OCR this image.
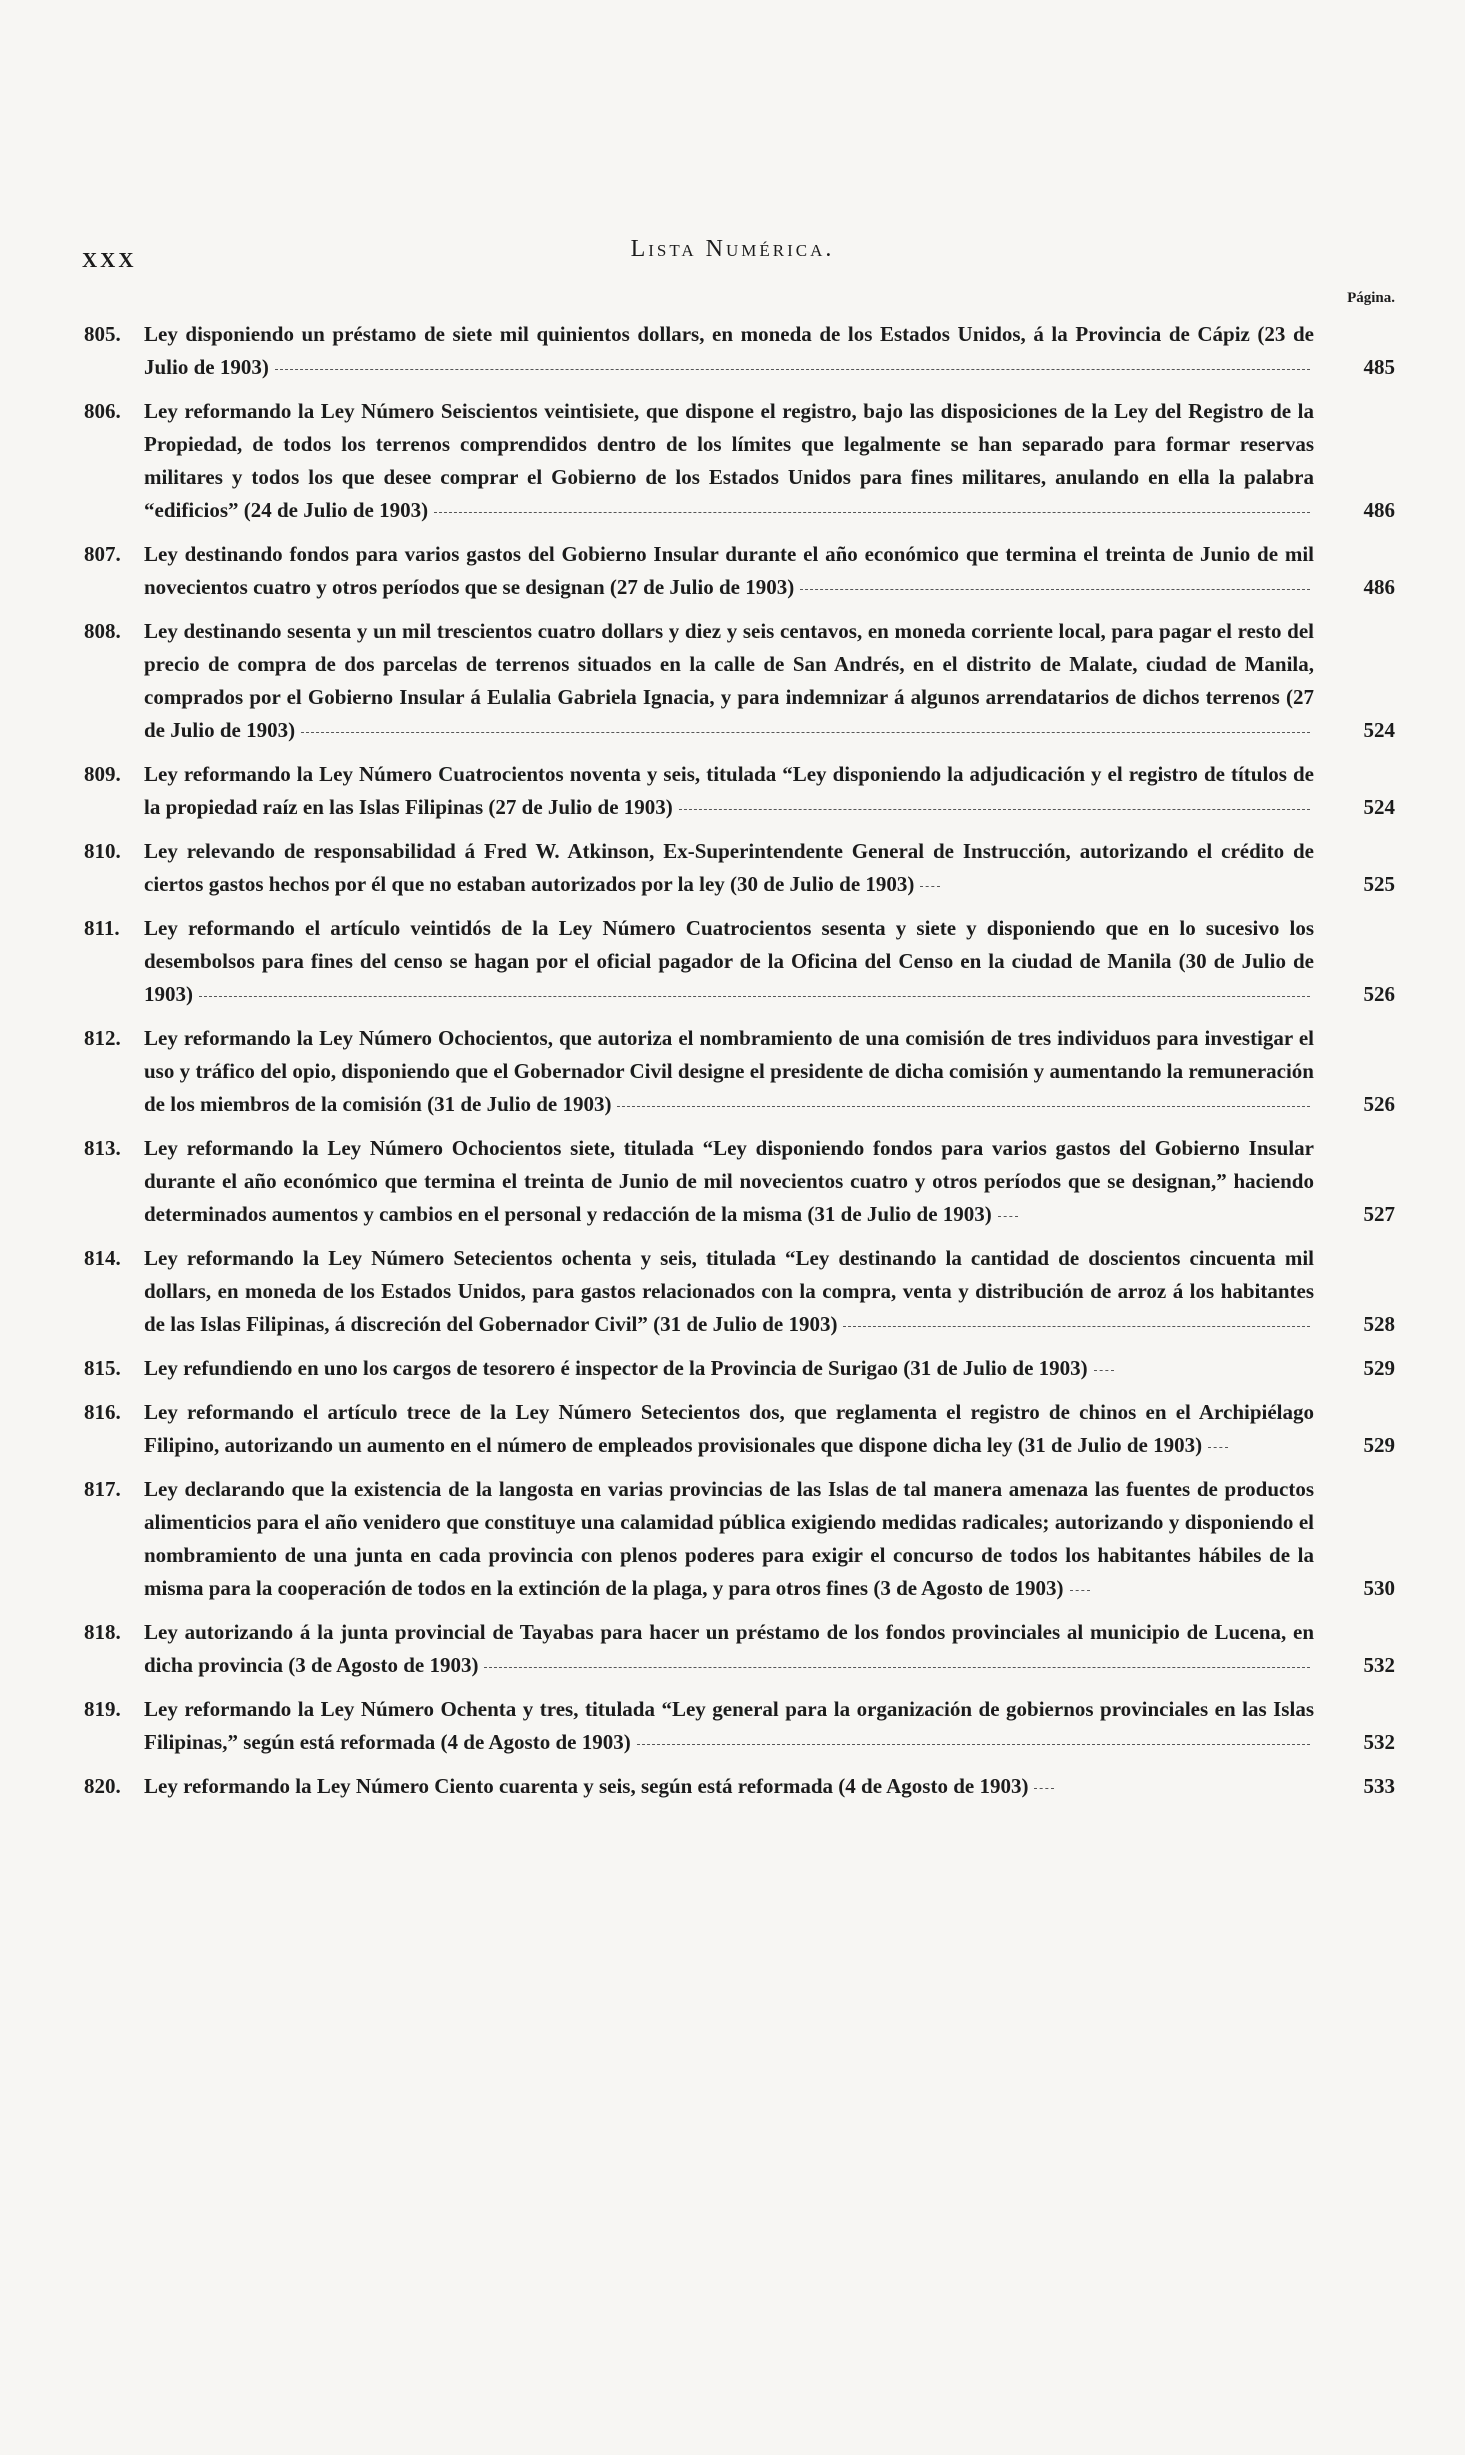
XXX	Lista Numérica.
Página.
805.	Ley disponiendo un préstamo de siete mil quinientos dollars, en moneda de los Estados Unidos, á la Provincia de Cápiz (23 de Julio de 1903)	485
806.	Ley reformando la Ley Número Seiscientos veintisiete, que dispone el registro, bajo las disposiciones de la Ley del Registro de la Propiedad, de todos los terrenos comprendidos dentro de los límites que legalmente se han separado para formar reservas militares y todos los que desee comprar el Gobierno de los Estados Unidos para fines militares, anulando en ella la palabra “edificios” (24 de Julio de 1903)	486
807.	Ley destinando fondos para varios gastos del Gobierno Insular durante el año económico que termina el treinta de Junio de mil novecientos cuatro y otros períodos que se designan (27 de Julio de 1903)	486
808.	Ley destinando sesenta y un mil trescientos cuatro dollars y diez y seis centavos, en moneda corriente local, para pagar el resto del precio de compra de dos parcelas de terrenos situados en la calle de San Andrés, en el distrito de Malate, ciudad de Manila, comprados por el Gobierno Insular á Eulalia Gabriela Ignacia, y para indemnizar á algunos arrendatarios de dichos terrenos (27 de Julio de 1903)	524
809.	Ley reformando la Ley Número Cuatrocientos noventa y seis, titulada “Ley disponiendo la adjudicación y el registro de títulos de la propiedad raíz en las Islas Filipinas (27 de Julio de 1903)	524
810.	Ley relevando de responsabilidad á Fred W. Atkinson, Ex-Superintendente General de Instrucción, autorizando el crédito de ciertos gastos hechos por él que no estaban autorizados por la ley (30 de Julio de 1903)	525
811.	Ley reformando el artículo veintidós de la Ley Número Cuatrocientos sesenta y siete y disponiendo que en lo sucesivo los desembolsos para fines del censo se hagan por el oficial pagador de la Oficina del Censo en la ciudad de Manila (30 de Julio de 1903)	526
812.	Ley reformando la Ley Número Ochocientos, que autoriza el nombramiento de una comisión de tres individuos para investigar el uso y tráfico del opio, disponiendo que el Gobernador Civil designe el presidente de dicha comisión y aumentando la remuneración de los miembros de la comisión (31 de Julio de 1903)	526
813.	Ley reformando la Ley Número Ochocientos siete, titulada “Ley disponiendo fondos para varios gastos del Gobierno Insular durante el año económico que termina el treinta de Junio de mil novecientos cuatro y otros períodos que se designan,” haciendo determinados aumentos y cambios en el personal y redacción de la misma (31 de Julio de 1903)	527
814.	Ley reformando la Ley Número Setecientos ochenta y seis, titulada “Ley destinando la cantidad de doscientos cincuenta mil dollars, en moneda de los Estados Unidos, para gastos relacionados con la compra, venta y distribución de arroz á los habitantes de las Islas Filipinas, á discreción del Gobernador Civil” (31 de Julio de 1903)	528
815.	Ley refundiendo en uno los cargos de tesorero é inspector de la Provincia de Surigao (31 de Julio de 1903)	529
816.	Ley reformando el artículo trece de la Ley Número Setecientos dos, que reglamenta el registro de chinos en el Archipiélago Filipino, autorizando un aumento en el número de empleados provisionales que dispone dicha ley (31 de Julio de 1903)	529
817.	Ley declarando que la existencia de la langosta en varias provincias de las Islas de tal manera amenaza las fuentes de productos alimenticios para el año venidero que constituye una calamidad pública exigiendo medidas radicales; autorizando y disponiendo el nombramiento de una junta en cada provincia con plenos poderes para exigir el concurso de todos los habitantes hábiles de la misma para la cooperación de todos en la extinción de la plaga, y para otros fines (3 de Agosto de 1903)	530
818.	Ley autorizando á la junta provincial de Tayabas para hacer un préstamo de los fondos provinciales al municipio de Lucena, en dicha provincia (3 de Agosto de 1903)	532
819.	Ley reformando la Ley Número Ochenta y tres, titulada “Ley general para la organización de gobiernos provinciales en las Islas Filipinas,” según está reformada (4 de Agosto de 1903)	532
820.	Ley reformando la Ley Número Ciento cuarenta y seis, según está reformada (4 de Agosto de 1903)	533
